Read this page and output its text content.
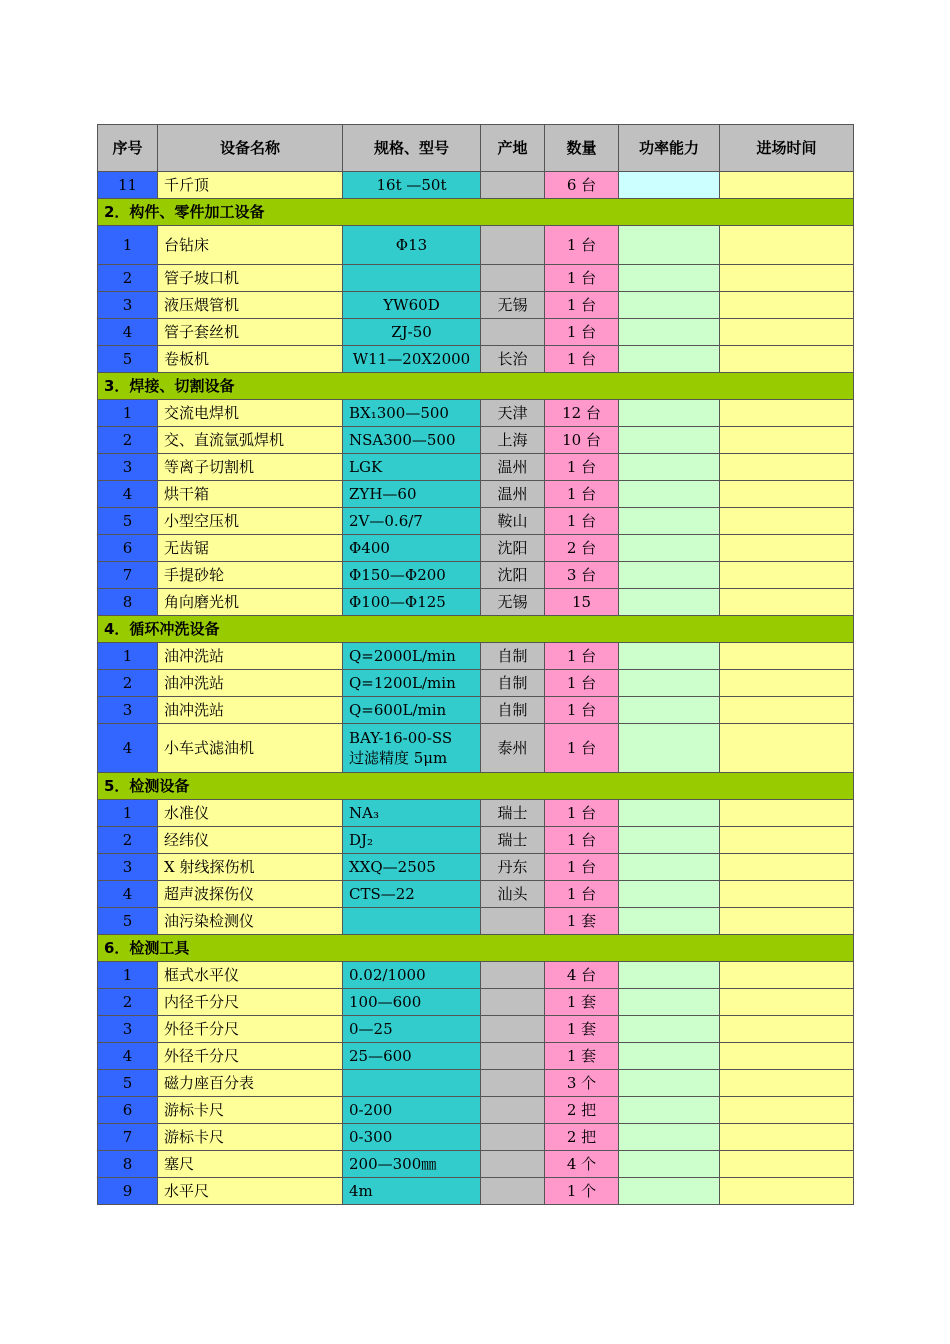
序号	设备名称	规格、型号	产地	数量	功率能力	进场时间
11	千斤顶	16t —50t		6 台		
2．构件、零件加工设备						
1	台钻床	Φ13		1 台		
2	管子坡口机			1 台		
3	液压煨管机	YW60D	无锡	1 台		
4	管子套丝机	ZJ-50		1 台		
5	卷板机	W11—20X2000	长治	1 台		
3．焊接、切割设备						
1	交流电焊机	BX₁300—500	天津	12 台		
2	交、直流氩弧焊机	NSA300—500	上海	10 台		
3	等离子切割机	LGK	温州	1 台		
4	烘干箱	ZYH—60	温州	1 台		
5	小型空压机	2V—0.6/7	鞍山	1 台		
6	无齿锯	Φ400	沈阳	2 台		
7	手提砂轮	Φ150—Φ200	沈阳	3 台		
8	角向磨光机	Φ100—Φ125	无锡	15		
4．循环冲洗设备						
1	油冲洗站	Q=2000L/min	自制	1 台		
2	油冲洗站	Q=1200L/min	自制	1 台		
3	油冲洗站	Q=600L/min	自制	1 台		
4	小车式滤油机	BAY-16-00-SS
过滤精度 5μm	泰州	1 台		
5．检测设备						
1	水准仪	NA₃	瑞士	1 台		
2	经纬仪	DJ₂	瑞士	1 台		
3	X 射线探伤机	XXQ—2505	丹东	1 台		
4	超声波探伤仪	CTS—22	汕头	1 台		
5	油污染检测仪			1 套		
6．检测工具						
1	框式水平仪	0.02/1000		4 台		
2	内径千分尺	100—600		1 套		
3	外径千分尺	0—25		1 套		
4	外径千分尺	25—600		1 套		
5	磁力座百分表			3 个		
6	游标卡尺	0-200		2 把		
7	游标卡尺	0-300		2 把		
8	塞尺	200—300㎜		4 个		
9	水平尺	4m		1 个		
